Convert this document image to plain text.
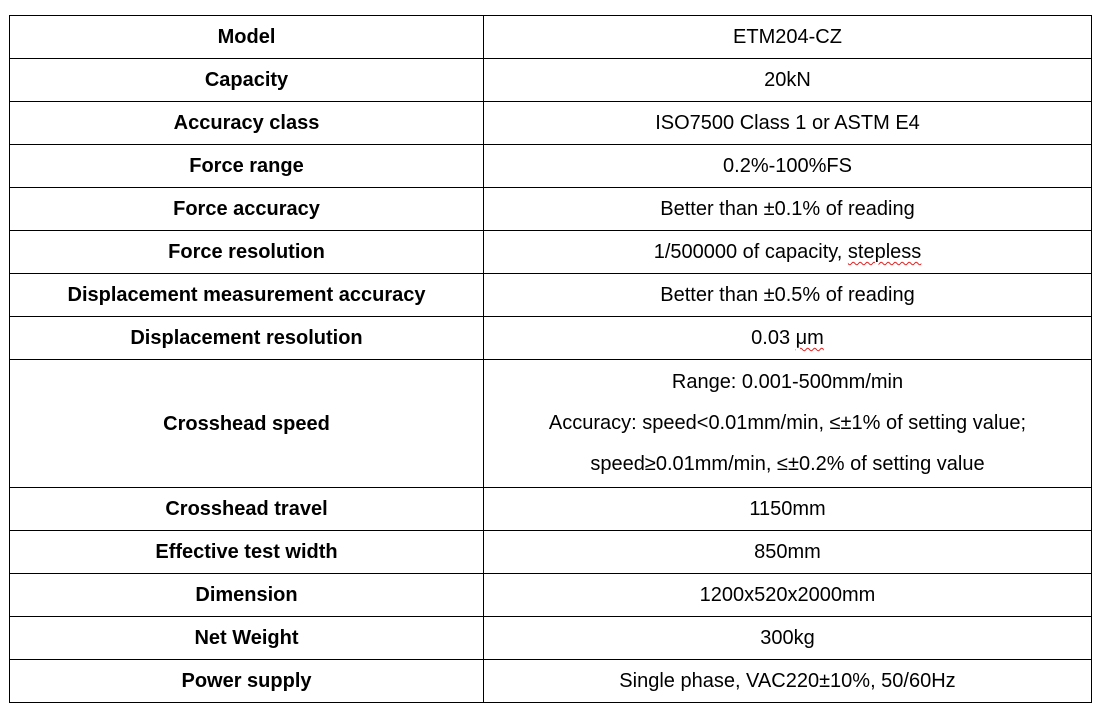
Model	ETM204-CZ
Capacity	20kN
Accuracy class	ISO7500 Class 1 or ASTM E4
Force range	0.2%-100%FS
Force accuracy	Better than ±0.1% of reading
Force resolution	1/500000 of capacity, stepless
Displacement measurement accuracy	Better than ±0.5% of reading
Displacement resolution	0.03 μm
Crosshead speed	Range: 0.001-500mm/min
Accuracy: speed<0.01mm/min, ≤±1% of setting value;
speed≥0.01mm/min, ≤±0.2% of setting value

Crosshead travel	1150mm
Effective test width	850mm
Dimension	1200x520x2000mm
Net Weight	300kg
Power supply	Single phase, VAC220±10%, 50/60Hz
